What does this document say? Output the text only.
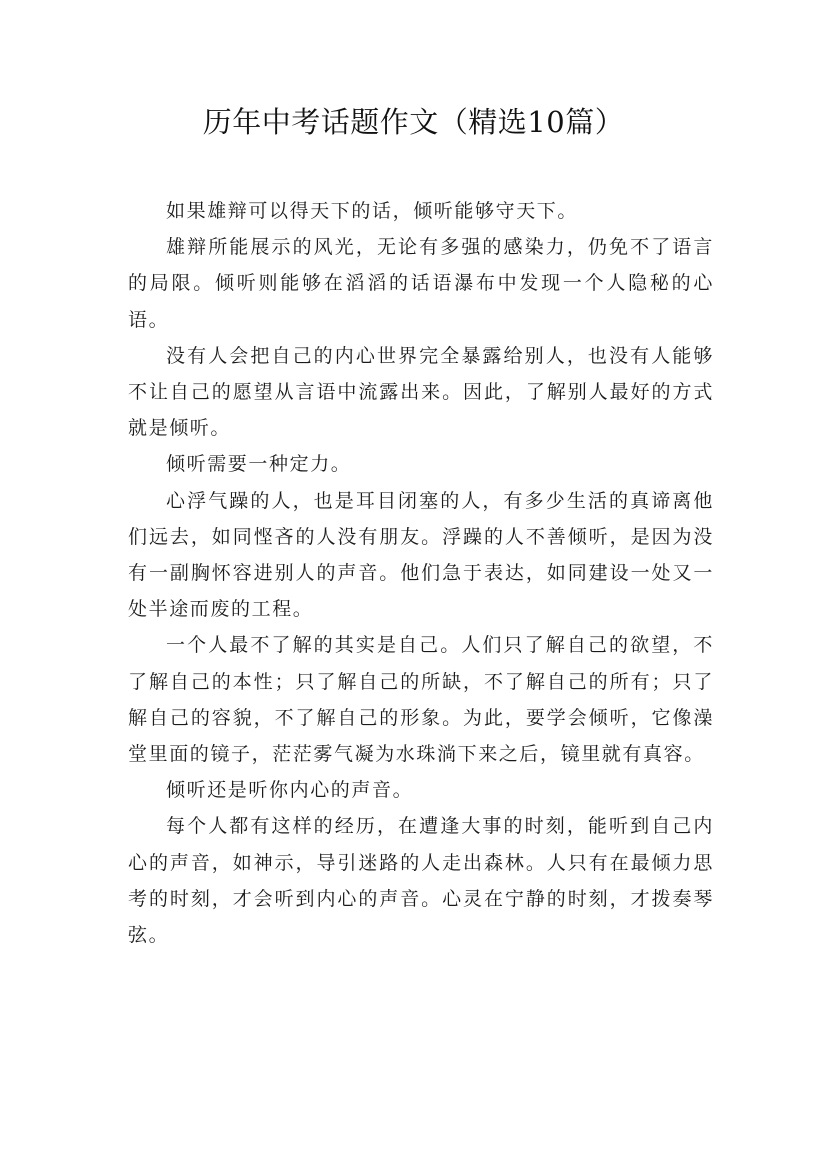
历年中考话题作文（精选10篇）

如果雄辩可以得天下的话，倾听能够守天下。

雄辩所能展示的风光，无论有多强的感染力，仍免不了语言的局限。倾听则能够在滔滔的话语瀑布中发现一个人隐秘的心语。

没有人会把自己的内心世界完全暴露给别人，也没有人能够不让自己的愿望从言语中流露出来。因此，了解别人最好的方式就是倾听。

倾听需要一种定力。

心浮气躁的人，也是耳目闭塞的人，有多少生活的真谛离他们远去，如同悭吝的人没有朋友。浮躁的人不善倾听，是因为没有一副胸怀容进别人的声音。他们急于表达，如同建设一处又一处半途而废的工程。

一个人最不了解的其实是自己。人们只了解自己的欲望，不了解自己的本性；只了解自己的所缺，不了解自己的所有；只了解自己的容貌，不了解自己的形象。为此，要学会倾听，它像澡堂里面的镜子，茫茫雾气凝为水珠淌下来之后，镜里就有真容。

倾听还是听你内心的声音。

每个人都有这样的经历，在遭逢大事的时刻，能听到自己内心的声音，如神示，导引迷路的人走出森林。人只有在最倾力思考的时刻，才会听到内心的声音。心灵在宁静的时刻，才拨奏琴弦。
